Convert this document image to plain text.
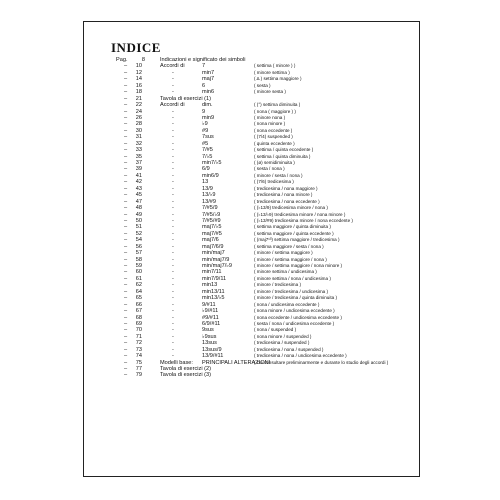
INDICE
Pag.	8	Indicazioni e significato dei simboli
–	10	Accordi di	7	( settima ( minore ) )
–	12	-	min7	( minore settima )
–	14	-	maj7	( Δ ) settima maggiore )
–	16	-	6	( sesta )
–	18	-	min6	( minore sesta )
–	21	Tavola di esercizi (1)
–	22	Accordi di	dim.	( (°) settima diminuita )
–	24	-	9	( nona ( maggiore ) )
–	26	-	min9	( minore nona )
–	28	-	♭9	( nona minore )
–	30	-	#9	( nona eccedente )
–	31	-	7sus	( (7/4) suspended )
–	32	-	#5	( quinta eccedente )
–	33	-	7/#5	( settima / quinta eccedente )
–	35	-	7/♭5	( settima / quinta diminuita )
–	37	-	min7/♭5	( (ø) semidiminuita )
–	39	-	6/9	( sesta / nona )
–	41	-	min6/9	( minore / sesta / nona )
–	42	-	13	( (7/6) tredicesima )
–	43	-	13/9	( tredicesima / nona maggiore )
–	45	-	13/♭9	( tredicesima / nona minore )
–	47	-	13/#9	( tredicesima / nona eccedente )
–	48	-	7/#5/9	( (♭13/9) tredicesima minore / nona )
–	49	-	7/#5/♭9	( (♭13/♭9) tredicesima minore / nona minore )
–	50	-	7/#5/#9	( (♭13/#9) tredicesima minore / nona eccedente )
–	51	-	maj7/♭5	( settima maggiore / quinta diminuita )
–	52	-	maj7/#5	( settima maggiore / quinta eccedente )
–	54	-	maj7/6	( (maj7¹³) settima maggiore / tredicesima )
–	56	-	maj7/6/9	( settima maggiore / sesta / nona )
–	57	-	min/maj7	( minore / settima maggiore )
–	58	-	min/maj7/9	( minore / settima maggiore / nona )
–	59	-	min/maj7/♭9	( minore / settima maggiore / nona minore )
–	60	-	min7/11	( minore settima / undicesima )
–	61	-	min7/9/11	( minore settima / nona / undicesima )
–	62	-	min13	( minore / tredicesima )
–	64	-	min13/11	( minore / tredicesima / undicesima )
–	65	-	min13/♭5	( minore / tredicesima / quinta diminuita )
–	66	-	9/#11	( nona / undicesima eccedente )
–	67	-	♭9/#11	( nona minore / undicesima eccedente )
–	68	-	#9/#11	( nona eccedente / undicesima eccedente )
–	69	-	6/9/#11	( sesta / nona / undicesima eccedente )
–	70	-	9sus	( nona / suspended )
–	71	-	♭9sus	( nona minore / suspended )
–	72	-	13sus	( tredicesima / suspended )
–	73	-	13sus/9	( tredicesima / nona / suspended )
–	74	-	13/9/#11	( tredicesima / nona / undicesima eccedente )
–	75	Modelli base: PRINCIPALI ALTERAZIONI
( Da consultare preliminarmente e durante lo studio degli accordi )
–	77	Tavola di esercizi (2)
–	79	Tavola di esercizi (3)
